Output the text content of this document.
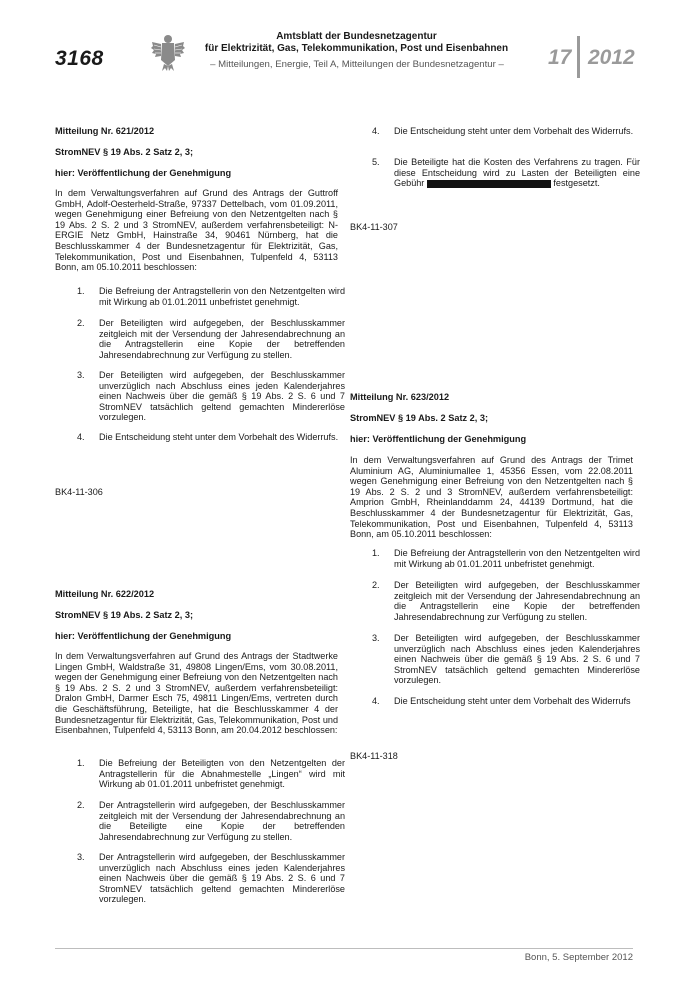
3168
Amtsblatt der Bundesnetzagentur
für Elektrizität, Gas, Telekommunikation, Post und Eisenbahnen
– Mitteilungen, Energie, Teil A, Mitteilungen der Bundesnetzagentur –	17 2012
Mitteilung Nr. 621/2012
StromNEV § 19 Abs. 2 Satz 2, 3;
hier: Veröffentlichung der Genehmigung
In dem Verwaltungsverfahren auf Grund des Antrags der Guttroff GmbH, Adolf-Oesterheld-Straße, 97337 Dettelbach, vom 01.09.2011, wegen Genehmigung einer Befreiung von den Netzentgelten nach § 19 Abs. 2 S. 2 und 3 StromNEV, außerdem verfahrensbeteiligt: N-ERGIE Netz GmbH, Hainstraße 34, 90461 Nürnberg, hat die Beschlusskammer 4 der Bundesnetzagentur für Elektrizität, Gas, Telekommunikation, Post und Eisenbahnen, Tulpenfeld 4, 53113 Bonn, am 05.10.2011 beschlossen:
1.	Die Befreiung der Antragstellerin von den Netzentgelten wird mit Wirkung ab 01.01.2011 unbefristet genehmigt.
2.	Der Beteiligten wird aufgegeben, der Beschlusskammer zeitgleich mit der Versendung der Jahresendabrechnung an die Antragstellerin eine Kopie der betreffenden Jahresendabrechnung zur Verfügung zu stellen.
3.	Der Beteiligten wird aufgegeben, der Beschlusskammer unverzüglich nach Abschluss eines jeden Kalenderjahres einen Nachweis über die gemäß § 19 Abs. 2 S. 6 und 7 StromNEV tatsächlich geltend gemachten Mindererlöse vorzulegen.
4.	Die Entscheidung steht unter dem Vorbehalt des Widerrufs.
BK4-11-306
Mitteilung Nr. 622/2012
StromNEV § 19 Abs. 2 Satz 2, 3;
hier: Veröffentlichung der Genehmigung
In dem Verwaltungsverfahren auf Grund des Antrags der Stadtwerke Lingen GmbH, Waldstraße 31, 49808 Lingen/Ems, vom 30.08.2011, wegen der Genehmigung einer Befreiung von den Netzentgelten nach § 19 Abs. 2 S. 2 und 3 StromNEV, außerdem verfahrensbeteiligt: Dralon GmbH, Darmer Esch 75, 49811 Lingen/Ems, vertreten durch die Geschäftsführung, Beteiligte, hat die Beschlusskammer 4 der Bundesnetzagentur für Elektrizität, Gas, Telekommunikation, Post und Eisenbahnen, Tulpenfeld 4, 53113 Bonn, am 20.04.2012 beschlossen:
1.	Die Befreiung der Beteiligten von den Netzentgelten der Antragstellerin für die Abnahmestelle „Lingen“ wird mit Wirkung ab 01.01.2011 unbefristet genehmigt.
2.	Der Antragstellerin wird aufgegeben, der Beschlusskammer zeitgleich mit der Versendung der Jahresendabrechnung an die Beteiligte eine Kopie der betreffenden Jahresendabrechnung zur Verfügung zu stellen.
3.	Der Antragstellerin wird aufgegeben, der Beschlusskammer unverzüglich nach Abschluss eines jeden Kalenderjahres einen Nachweis über die gemäß § 19 Abs. 2 S. 6 und 7 StromNEV tatsächlich geltend gemachten Mindererlöse vorzulegen.
4.	Die Entscheidung steht unter dem Vorbehalt des Widerrufs.
5.	Die Beteiligte hat die Kosten des Verfahrens zu tragen. Für diese Entscheidung wird zu Lasten der Beteiligten eine Gebühr	festgesetzt.
BK4-11-307
Mitteilung Nr. 623/2012
StromNEV § 19 Abs. 2 Satz 2, 3;
hier: Veröffentlichung der Genehmigung
In dem Verwaltungsverfahren auf Grund des Antrags der Trimet Aluminium AG, Aluminiumallee 1, 45356 Essen, vom 22.08.2011 wegen Genehmigung einer Befreiung von den Netzentgelten nach § 19 Abs. 2 S. 2 und 3 StromNEV, außerdem verfahrensbeteiligt: Amprion GmbH, Rheinlanddamm 24, 44139 Dortmund, hat die Beschlusskammer 4 der Bundesnetzagentur für Elektrizität, Gas, Telekommunikation, Post und Eisenbahnen, Tulpenfeld 4, 53113 Bonn, am 05.10.2011 beschlossen:
1.	Die Befreiung der Antragstellerin von den Netzentgelten wird mit Wirkung ab 01.01.2011 unbefristet genehmigt.
2.	Der Beteiligten wird aufgegeben, der Beschlusskammer zeitgleich mit der Versendung der Jahresendabrechnung an die Antragstellerin eine Kopie der betreffenden Jahresendabrechnung zur Verfügung zu stellen.
3.	Der Beteiligten wird aufgegeben, der Beschlusskammer unverzüglich nach Abschluss eines jeden Kalenderjahres einen Nachweis über die gemäß § 19 Abs. 2 S. 6 und 7 StromNEV tatsächlich geltend gemachten Mindererlöse vorzulegen.
4.	Die Entscheidung steht unter dem Vorbehalt des Widerrufs
BK4-11-318
Bonn, 5. September 2012
